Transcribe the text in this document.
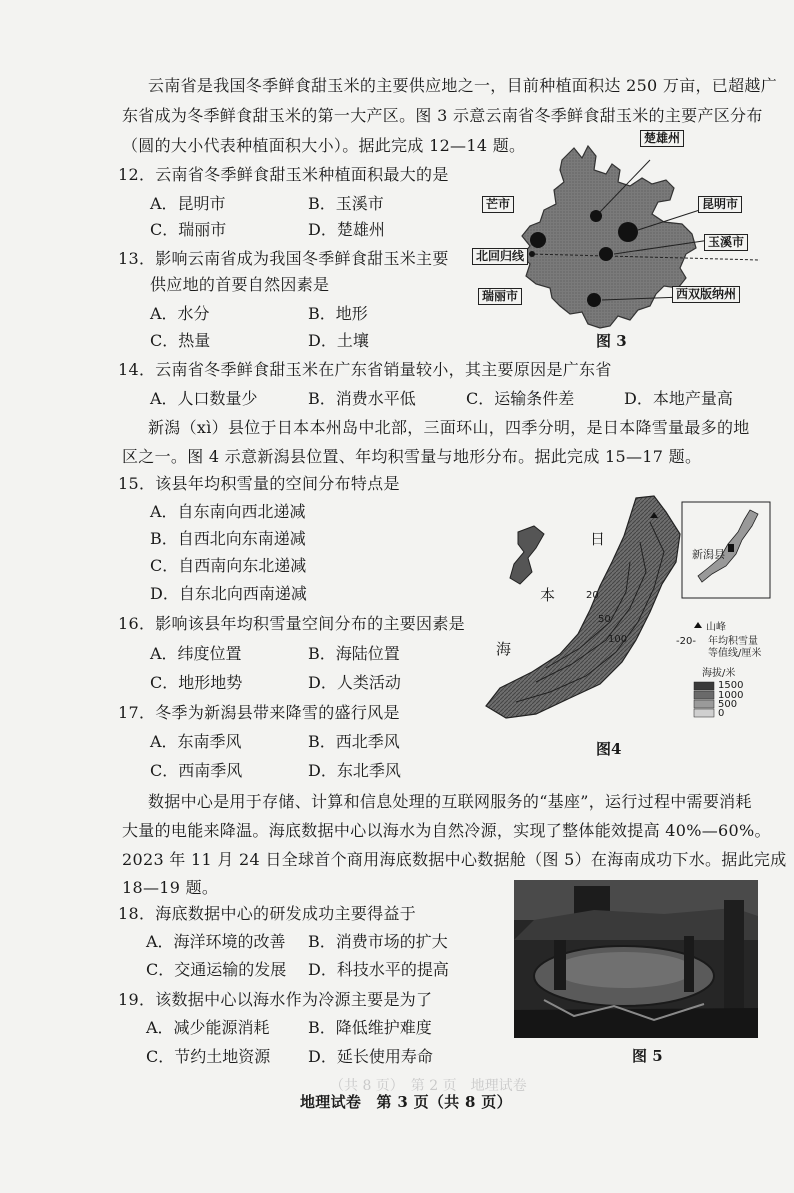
（共 8 页）　第 2 页　地理试卷
云南省是我国冬季鲜食甜玉米的主要供应地之一，目前种植面积达 250 万亩，已超越广
东省成为冬季鲜食甜玉米的第一大产区。图 3 示意云南省冬季鲜食甜玉米的主要产区分布
（圆的大小代表种植面积大小）。据此完成 12—14 题。
12．云南省冬季鲜食甜玉米种植面积最大的是
A．昆明市	B．玉溪市
C．瑞丽市	D．楚雄州
13．影响云南省成为我国冬季鲜食甜玉米主要
供应地的首要自然因素是
A．水分	B．地形
C．热量	D．土壤
楚雄州
芒市	昆明市
玉溪市
北回归线
瑞丽市	西双版纳州
图 3
14．云南省冬季鲜食甜玉米在广东省销量较小，其主要原因是广东省
A．人口数量少	B．消费水平低	C．运输条件差	D．本地产量高
新潟（xì）县位于日本本州岛中北部，三面环山，四季分明，是日本降雪量最多的地
区之一。图 4 示意新潟县位置、年均积雪量与地形分布。据此完成 15—17 题。
15．该县年均积雪量的空间分布特点是
A．自东南向西北递减
B．自西北向东南递减
C．自西南向东北递减
D．自东北向西南递减
16．影响该县年均积雪量空间分布的主要因素是
A．纬度位置	B．海陆位置
C．地形地势	D．人类活动
17．冬季为新潟县带来降雪的盛行风是
A．东南季风	B．西北季风
C．西南季风	D．东北季风
日
本
海
20
50
100
新潟县
山峰
-20- 年均积雪量
等值线/厘米
海拔/米
1500
1000
500
0
图4
数据中心是用于存储、计算和信息处理的互联网服务的“基座”，运行过程中需要消耗
大量的电能来降温。海底数据中心以海水为自然冷源，实现了整体能效提高 40%—60%。
2023 年 11 月 24 日全球首个商用海底数据中心数据舱（图 5）在海南成功下水。据此完成
18—19 题。
18．海底数据中心的研发成功主要得益于
A．海洋环境的改善 B．消费市场的扩大
C．交通运输的发展 D．科技水平的提高
19．该数据中心以海水作为冷源主要是为了
A．减少能源消耗 B．降低维护难度
C．节约土地资源 D．延长使用寿命	图 5
地理试卷　第 3 页（共 8 页）
